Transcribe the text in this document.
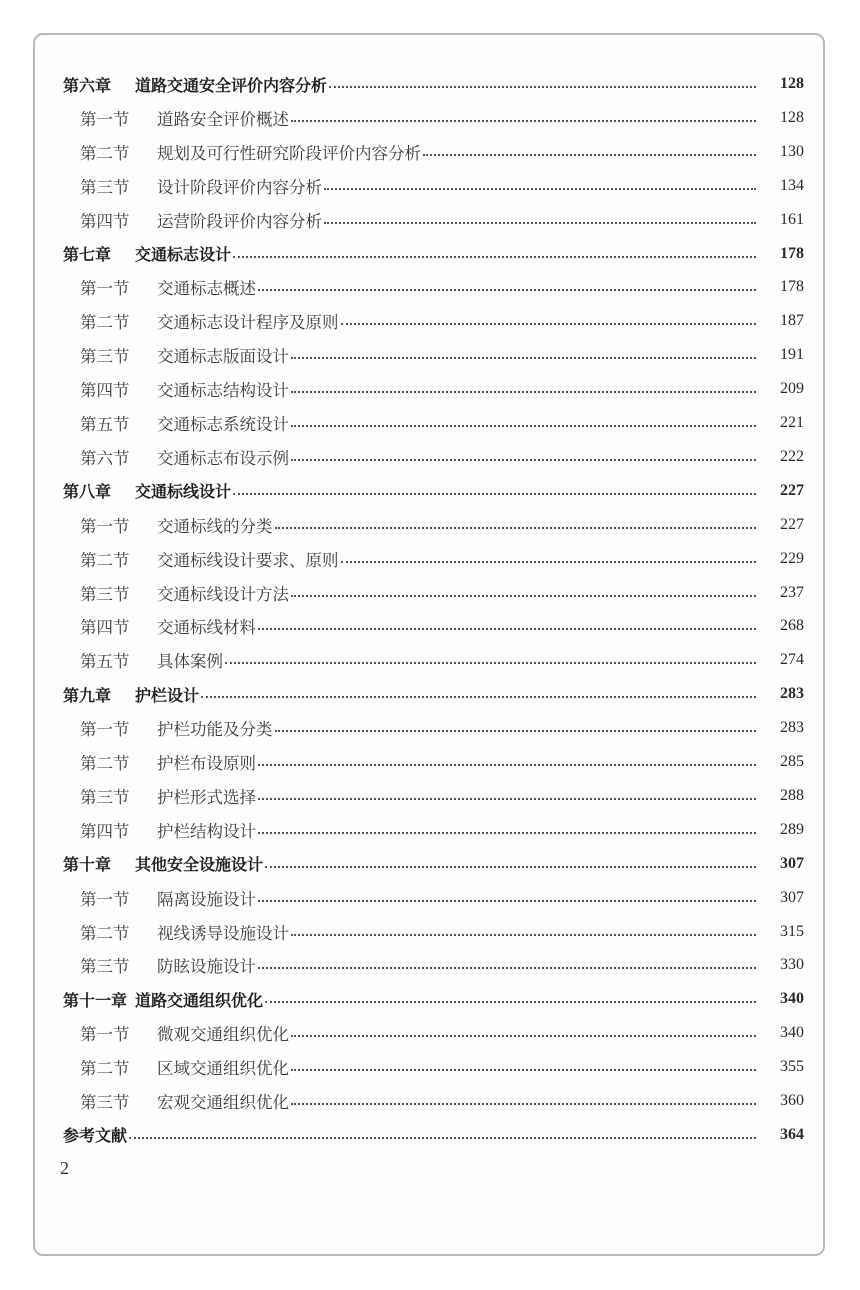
第六章	道路交通安全评价内容分析	128
第一节	道路安全评价概述	128
第二节	规划及可行性研究阶段评价内容分析	130
第三节	设计阶段评价内容分析	134
第四节	运营阶段评价内容分析	161
第七章	交通标志设计	178
第一节	交通标志概述	178
第二节	交通标志设计程序及原则	187
第三节	交通标志版面设计	191
第四节	交通标志结构设计	209
第五节	交通标志系统设计	221
第六节	交通标志布设示例	222
第八章	交通标线设计	227
第一节	交通标线的分类	227
第二节	交通标线设计要求、原则	229
第三节	交通标线设计方法	237
第四节	交通标线材料	268
第五节	具体案例	274
第九章	护栏设计	283
第一节	护栏功能及分类	283
第二节	护栏布设原则	285
第三节	护栏形式选择	288
第四节	护栏结构设计	289
第十章	其他安全设施设计	307
第一节	隔离设施设计	307
第二节	视线诱导设施设计	315
第三节	防眩设施设计	330
第十一章 道路交通组织优化	340
第一节	微观交通组织优化	340
第二节	区域交通组织优化	355
第三节	宏观交通组织优化	360
参考文献	364
2
